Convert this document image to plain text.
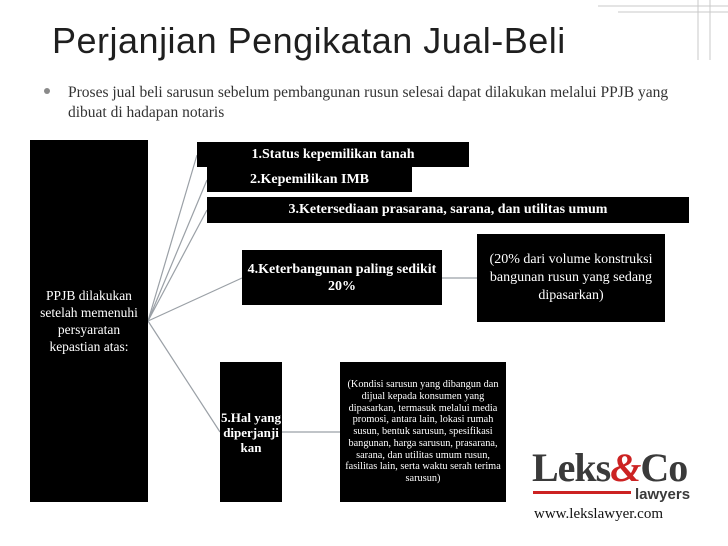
Perjanjian Pengikatan Jual-Beli
Proses jual beli sarusun sebelum pembangunan rusun selesai dapat dilakukan melalui PPJB yang dibuat di hadapan notaris
PPJB dilakukan setelah memenuhi persyaratan kepastian atas:
1.Status kepemilikan tanah
2.Kepemilikan IMB
3.Ketersediaan prasarana, sarana, dan utilitas umum
4.Keterbangunan paling sedikit 20%
(20% dari volume konstruksi bangunan rusun yang sedang dipasarkan)
5.Hal yang diperjanji kan
(Kondisi sarusun yang dibangun dan dijual kepada konsumen yang dipasarkan, termasuk melalui media promosi, antara lain, lokasi rumah susun, bentuk sarusun, spesifikasi bangunan, harga sarusun, prasarana, sarana, dan utilitas umum rusun, fasilitas lain, serta waktu serah terima sarusun)	Leks&Co
lawyers
www.lekslawyer.com
